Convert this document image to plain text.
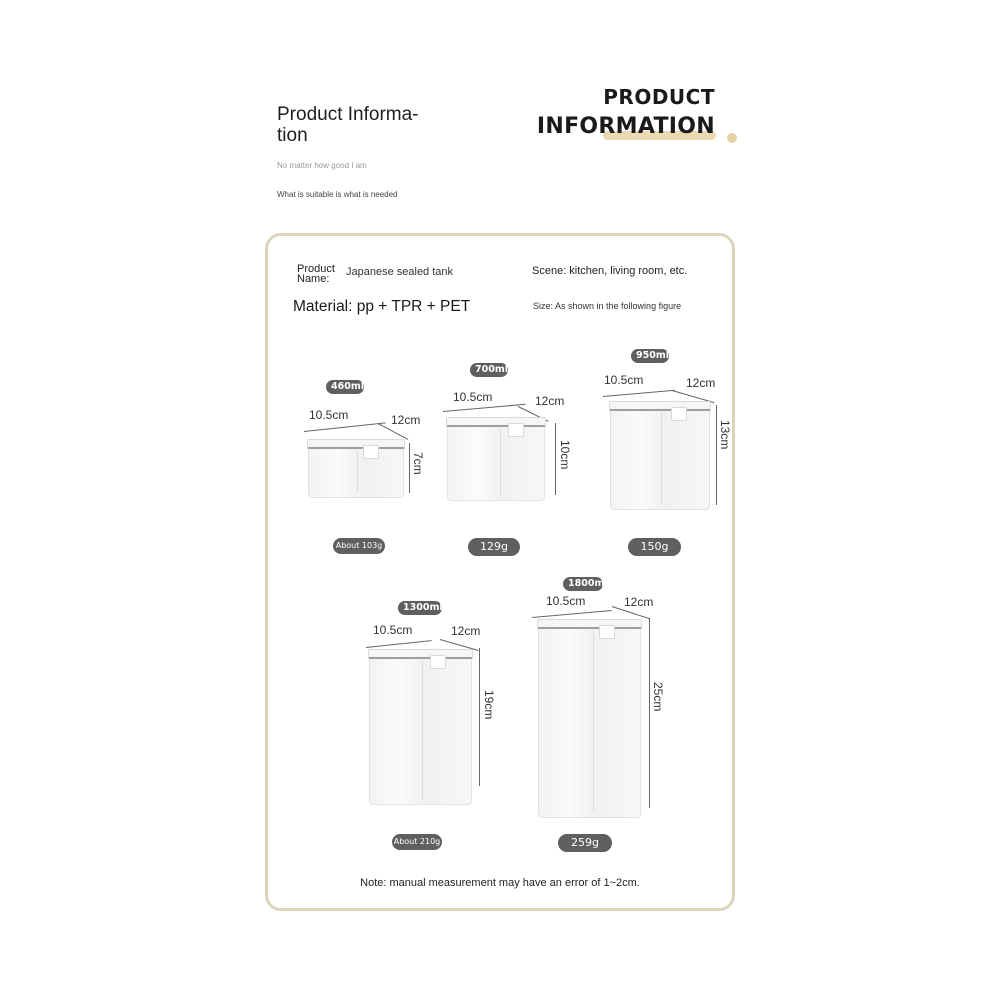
Product Informa-tion
No matter how good I am
What is suitable is what is needed
PRODUCT
INFORMATION
Product Name:
Japanese sealed tank	Scene: kitchen, living room, etc.
Material: pp + TPR + PET	Size: As shown in the following figure
460ml
10.5cm	12cm
7cm
About 103g
700ml
10.5cm	12cm
10cm
129g
950ml
10.5cm	12cm
13cm
150g
1300ml
10.5cm	12cm
19cm
About 210g
1800ml
10.5cm	12cm
25cm
259g
Note: manual measurement may have an error of 1~2cm.
